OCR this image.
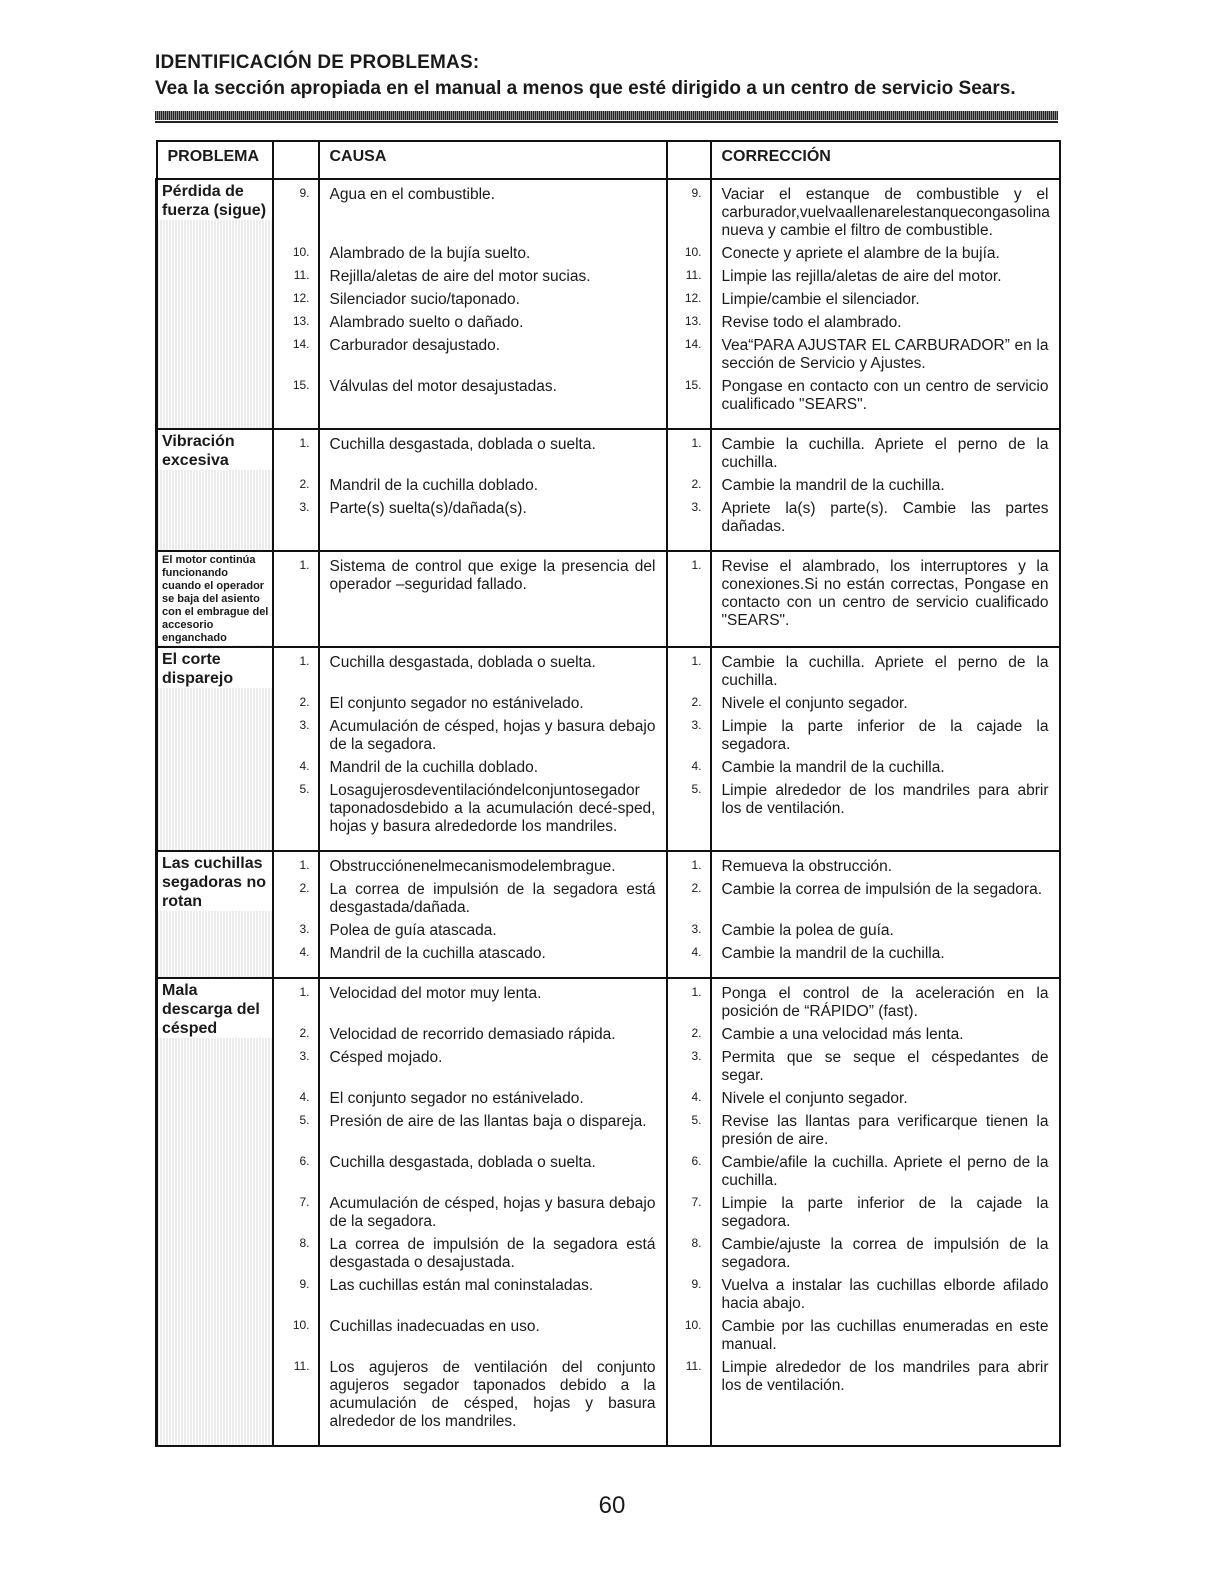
IDENTIFICACIÓN DE PROBLEMAS:
Vea la sección apropiada en el manual a menos que esté dirigido a un centro de servicio Sears.
PROBLEMA		CAUSA		CORRECCIÓN
Pérdida de fuerza (sigue)	9.	Agua en el combustible.	9.	Vaciar el estanque de combustible y el carburador,vuelvaallenarelestanquecongasolina nueva y cambie el filtro de combustible.
	10.	Alambrado de la bujía suelto.	10.	Conecte y apriete el alambre de la bujía.
	11.	Rejilla/aletas de aire del motor sucias.	11.	Limpie las rejilla/aletas de aire del motor.
	12.	Silenciador sucio/taponado.	12.	Limpie/cambie el silenciador.
	13.	Alambrado suelto o dañado.	13.	Revise todo el alambrado.
	14.	Carburador desajustado.	14.	Vea“PARA AJUSTAR EL CARBURADOR” en la sección de Servicio y Ajustes.
	15.	Válvulas del motor desajustadas.	15.	Pongase en contacto con un centro de servicio cualificado "SEARS".
Vibración excesiva	1.	Cuchilla desgastada, doblada o suelta.	1.	Cambie la cuchilla. Apriete el perno de la cuchilla.
	2.	Mandril de la cuchilla doblado.	2.	Cambie la mandril de la cuchilla.
	3.	Parte(s) suelta(s)/dañada(s).	3.	Apriete la(s) parte(s). Cambie las partes dañadas.
El motor continúa funcionando cuando el operador se baja del asiento con el embrague del accesorio enganchado	1.	Sistema de control que exige la presencia del operador –seguridad fallado.	1.	Revise el alambrado, los interruptores y la conexiones.Si no están correctas, Pongase en contacto con un centro de servicio cualificado "SEARS".
El corte disparejo	1.	Cuchilla desgastada, doblada o suelta.	1.	Cambie la cuchilla. Apriete el perno de la cuchilla.
	2.	El conjunto segador no estánivelado.	2.	Nivele el conjunto segador.
	3.	Acumulación de césped, hojas y basura debajo de la segadora.	3.	Limpie la parte inferior de la cajade la segadora.
	4.	Mandril de la cuchilla doblado.	4.	Cambie la mandril de la cuchilla.
	5.	Losagujerosdeventilacióndelconjuntosegador taponadosdebido a la acumulación decé-sped, hojas y basura alrededorde los mandriles.	5.	Limpie alrededor de los mandriles para abrir los de ventilación.
Las cuchillas segadoras no rotan	1.	Obstrucciónenelmecanismodelembrague.	1.	Remueva la obstrucción.
	2.	La correa de impulsión de la segadora está desgastada/dañada.	2.	Cambie la correa de impulsión de la segadora.
	3.	Polea de guía atascada.	3.	Cambie la polea de guía.
	4.	Mandril de la cuchilla atascado.	4.	Cambie la mandril de la cuchilla.
Mala descarga del césped	1.	Velocidad del motor muy lenta.	1.	Ponga el control de la aceleración en la posición de “RÁPIDO” (fast).
	2.	Velocidad de recorrido demasiado rápida.	2.	Cambie a una velocidad más lenta.
	3.	Césped mojado.	3.	Permita que se seque el céspedantes de segar.
	4.	El conjunto segador no estánivelado.	4.	Nivele el conjunto segador.
	5.	Presión de aire de las llantas baja o dispareja.	5.	Revise las llantas para verificarque tienen la presión de aire.
	6.	Cuchilla desgastada, doblada o suelta.	6.	Cambie/afile la cuchilla. Apriete el perno de la cuchilla.
	7.	Acumulación de césped, hojas y basura debajo de la segadora.	7.	Limpie la parte inferior de la cajade la segadora.
	8.	La correa de impulsión de la segadora está desgastada o desajustada.	8.	Cambie/ajuste la correa de impulsión de la segadora.
	9.	Las cuchillas están mal coninstaladas.	9.	Vuelva a instalar las cuchillas elborde afilado hacia abajo.
	10.	Cuchillas inadecuadas en uso.	10.	Cambie por las cuchillas enumeradas en este manual.
	11.	Los agujeros de ventilación del conjunto agujeros segador taponados debido a la acumulación de césped, hojas y basura alrededor de los mandriles.	11.	Limpie alrededor de los mandriles para abrir los de ventilación.
60
